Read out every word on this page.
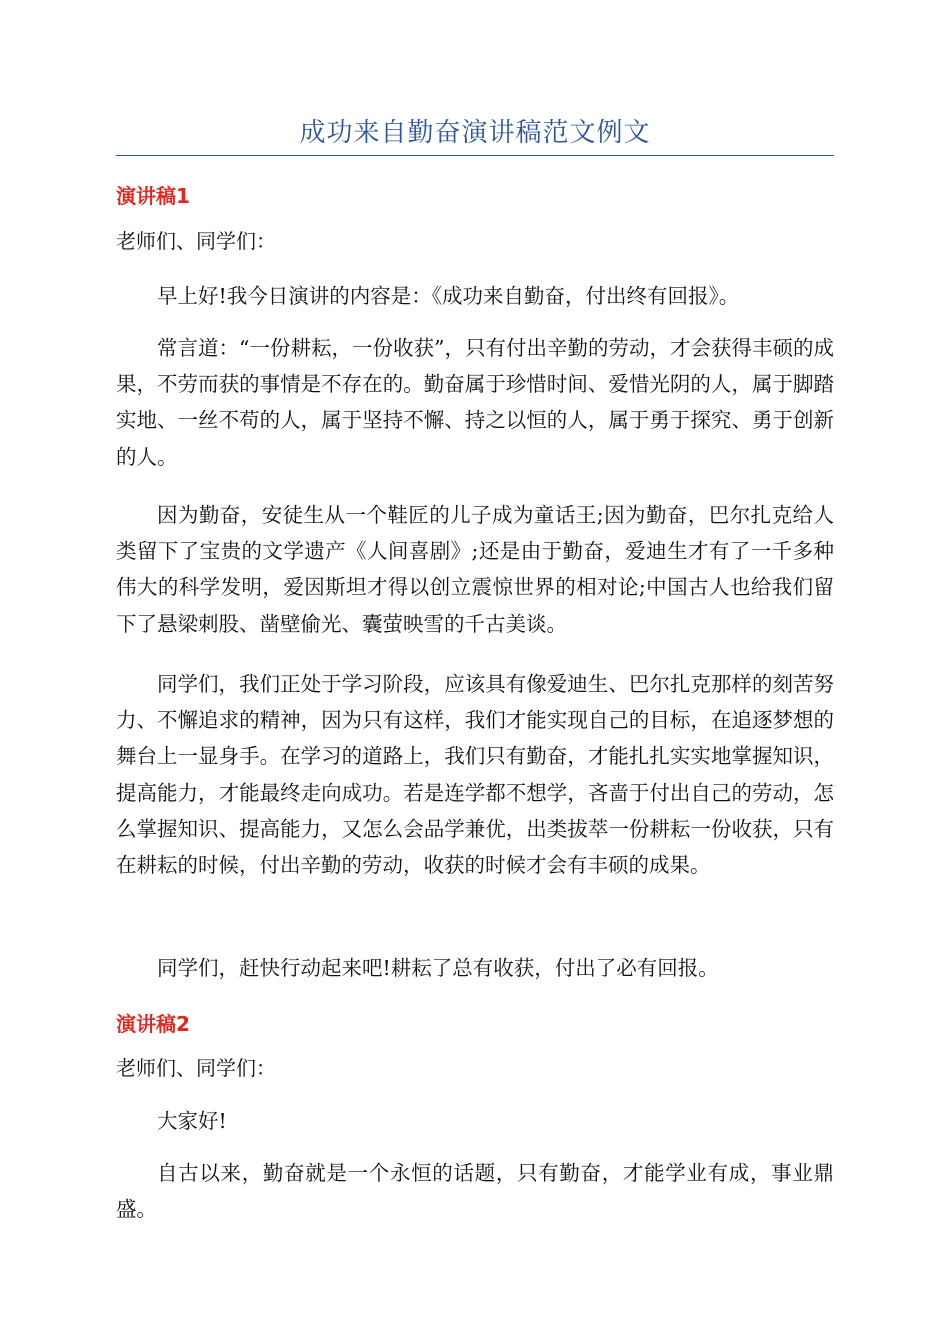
成功来自勤奋演讲稿范文例文
演讲稿1
老师们、同学们：

早上好!我今日演讲的内容是：《成功来自勤奋，付出终有回报》。

常言道：“一份耕耘，一份收获”，只有付出辛勤的劳动，才会获得丰硕的成果，不劳而获的事情是不存在的。勤奋属于珍惜时间、爱惜光阴的人，属于脚踏实地、一丝不苟的人，属于坚持不懈、持之以恒的人，属于勇于探究、勇于创新的人。

因为勤奋，安徒生从一个鞋匠的儿子成为童话王;因为勤奋，巴尔扎克给人类留下了宝贵的文学遗产《人间喜剧》;还是由于勤奋，爱迪生才有了一千多种伟大的科学发明，爱因斯坦才得以创立震惊世界的相对论;中国古人也给我们留下了悬梁刺股、凿壁偷光、囊萤映雪的千古美谈。

同学们，我们正处于学习阶段，应该具有像爱迪生、巴尔扎克那样的刻苦努力、不懈追求的精神，因为只有这样，我们才能实现自己的目标，在追逐梦想的舞台上一显身手。在学习的道路上，我们只有勤奋，才能扎扎实实地掌握知识，提高能力，才能最终走向成功。若是连学都不想学，吝啬于付出自己的劳动，怎么掌握知识、提高能力，又怎么会品学兼优，出类拔萃一份耕耘一份收获，只有在耕耘的时候，付出辛勤的劳动，收获的时候才会有丰硕的成果。

同学们，赶快行动起来吧!耕耘了总有收获，付出了必有回报。

演讲稿2
老师们、同学们：

大家好!

自古以来，勤奋就是一个永恒的话题，只有勤奋，才能学业有成，事业鼎盛。
